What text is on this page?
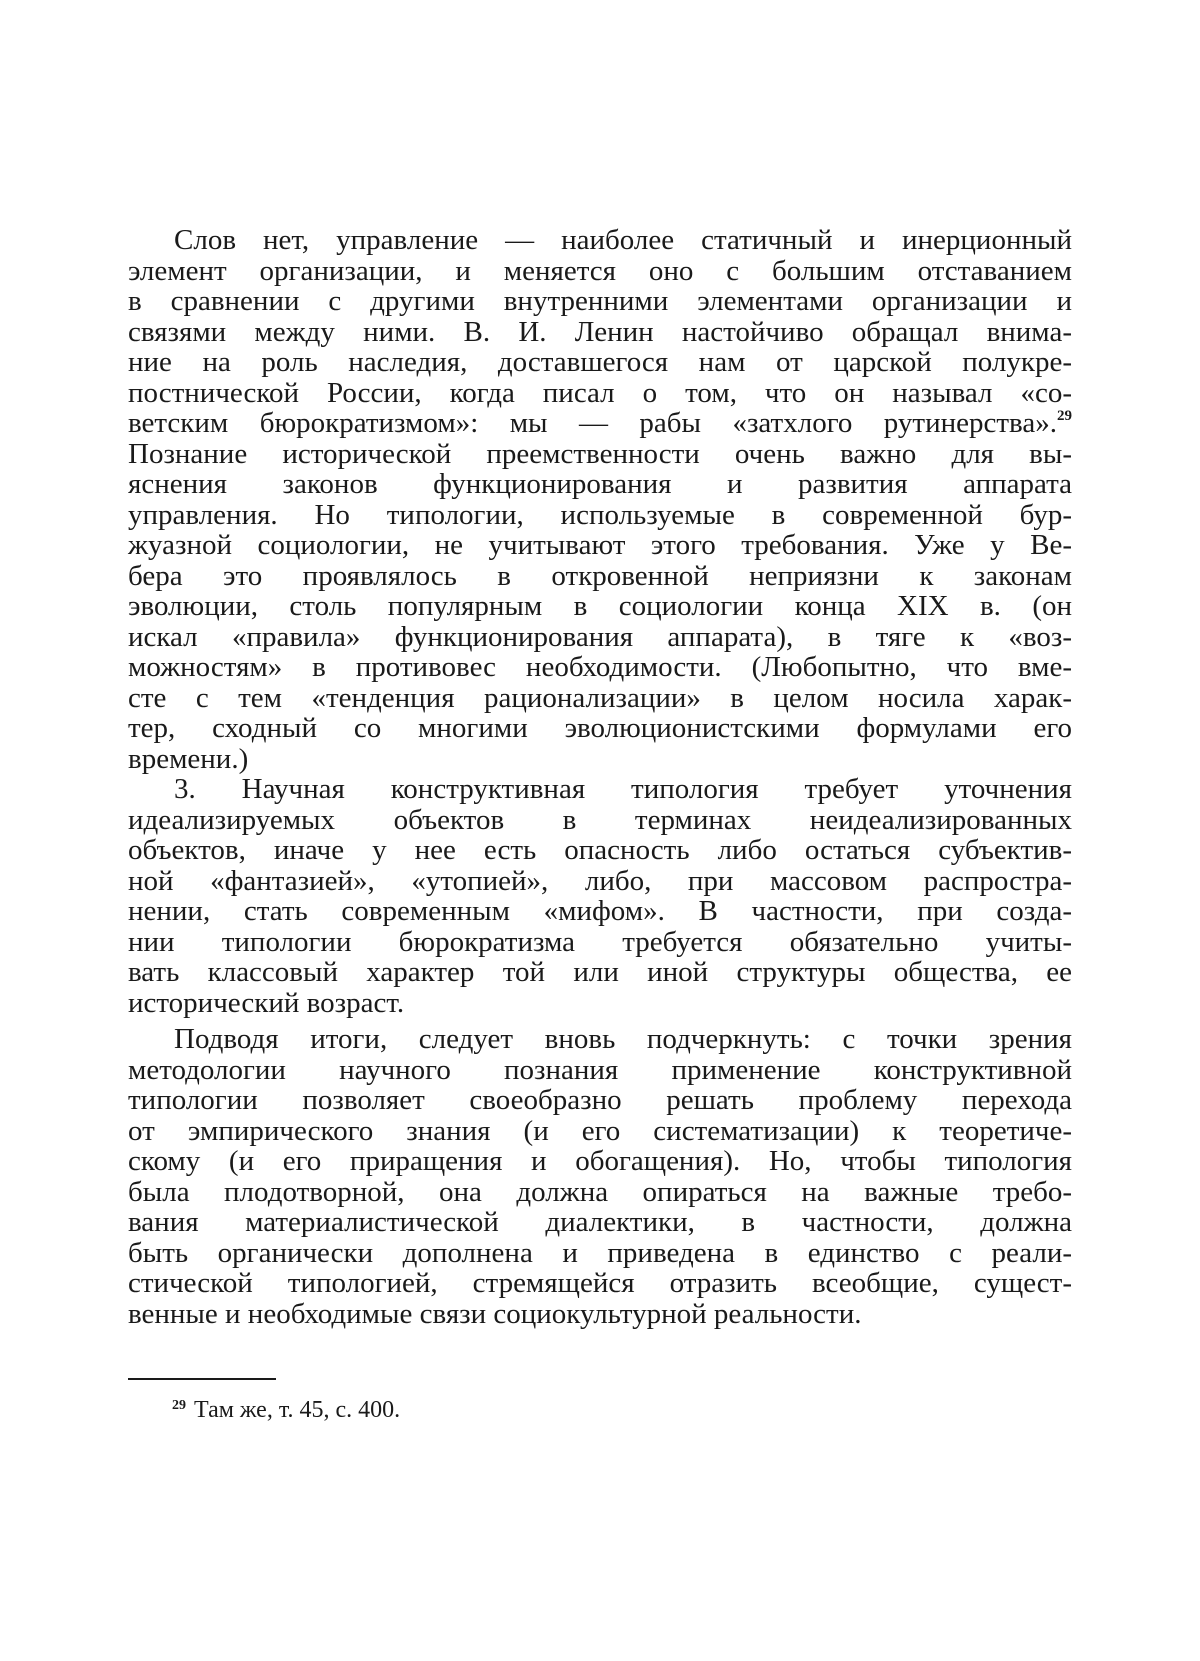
Слов нет, управление — наиболее статичный и инерционный
элемент организации, и меняется оно с большим отставанием
в сравнении с другими внутренними элементами организации и
связями между ними. В. И. Ленин настойчиво обращал внима-
ние на роль наследия, доставшегося нам от царской полукре-
постнической России, когда писал о том, что он называл «со-
ветским бюрократизмом»: мы — рабы «затхлого рутинерства».$^{29}$
Познание исторической преемственности очень важно для вы-
яснения законов функционирования и развития аппарата
управления. Но типологии, используемые в современной бур-
жуазной социологии, не учитывают этого требования. Уже у Ве-
бера это проявлялось в откровенной неприязни к законам
эволюции, столь популярным в социологии конца XIX в. (он
искал «правила» функционирования аппарата), в тяге к «воз-
можностям» в противовес необходимости. (Любопытно, что вме-
сте с тем «тенденция рационализации» в целом носила харак-
тер, сходный со многими эволюционистскими формулами его
времени.)
3. Научная конструктивная типология требует уточнения
идеализируемых объектов в терминах неидеализированных
объектов, иначе у нее есть опасность либо остаться субъектив-
ной «фантазией», «утопией», либо, при массовом распростра-
нении, стать современным «мифом». В частности, при созда-
нии типологии бюрократизма требуется обязательно учиты-
вать классовый характер той или иной структуры общества, ее
исторический возраст.
Подводя итоги, следует вновь подчеркнуть: с точки зрения
методологии научного познания применение конструктивной
типологии позволяет своеобразно решать проблему перехода
от эмпирического знания (и его систематизации) к теоретиче-
скому (и его приращения и обогащения). Но, чтобы типология
была плодотворной, она должна опираться на важные требо-
вания материалистической диалектики, в частности, должна
быть органически дополнена и приведена в единство с реали-
стической типологией, стремящейся отразить всеобщие, сущест-
венные и необходимые связи социокультурной реальности.
$^{29}$ Там же, т. 45, с. 400.
